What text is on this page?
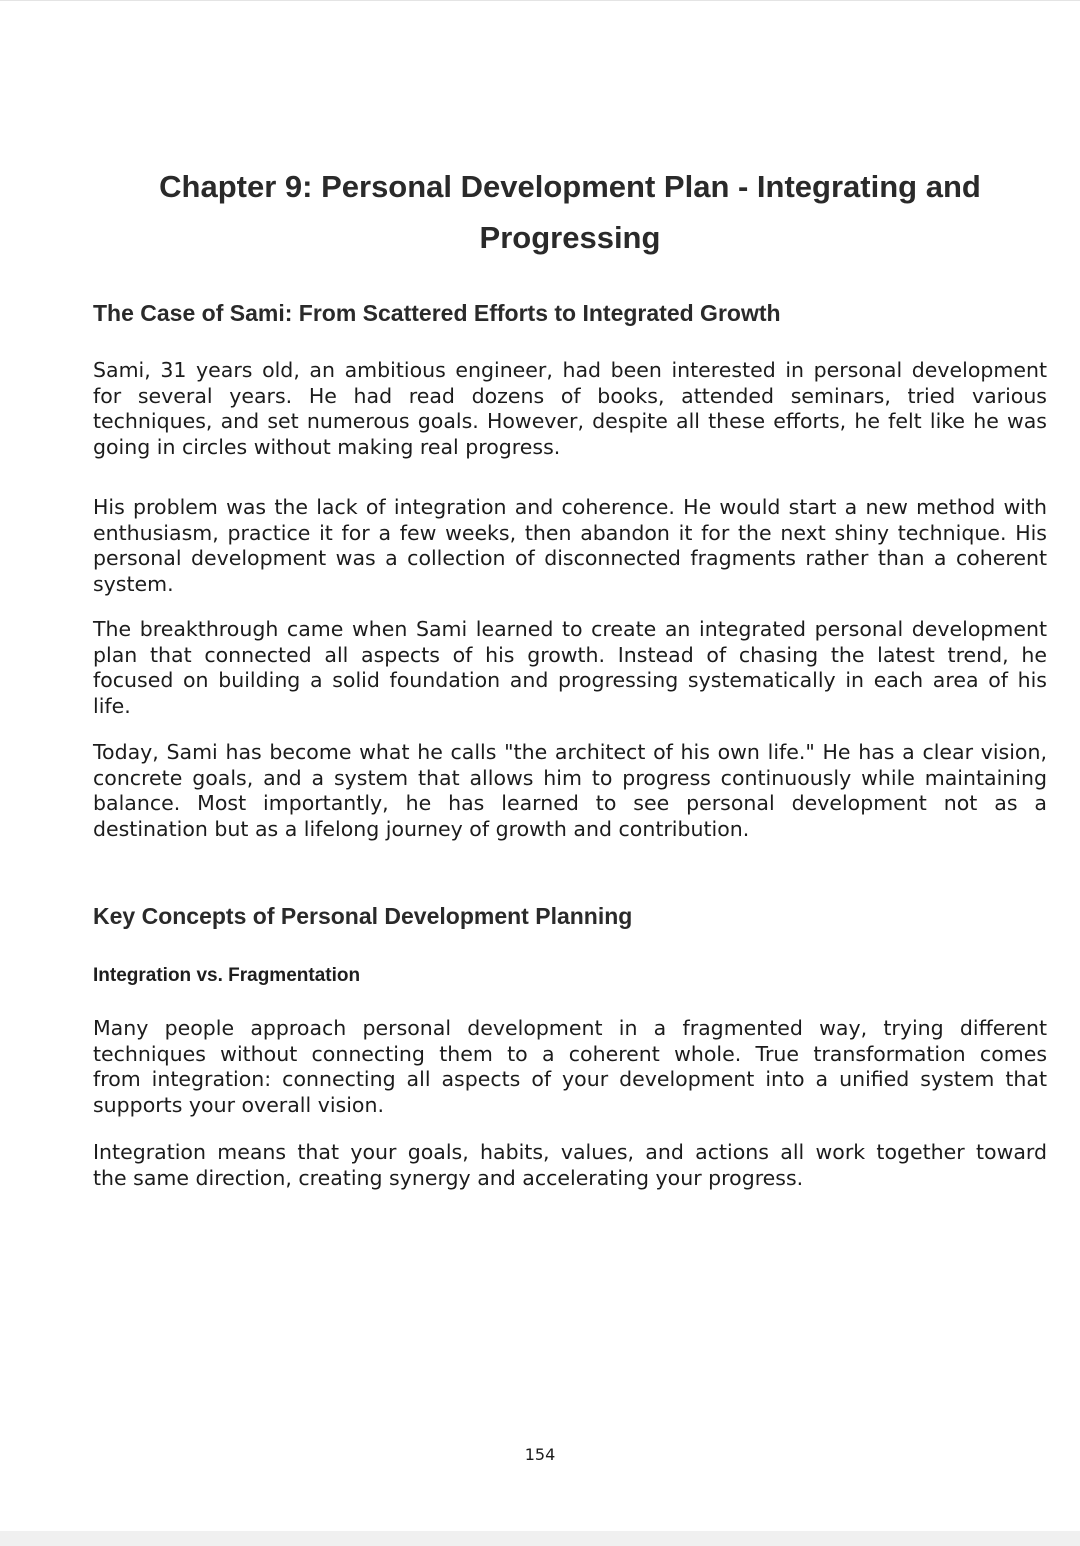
Chapter 9: Personal Development Plan - Integrating and
Progressing
The Case of Sami: From Scattered Efforts to Integrated Growth

Sami, 31 years old, an ambitious engineer, had been interested in personal development
for several years. He had read dozens of books, attended seminars, tried various
techniques, and set numerous goals. However, despite all these efforts, he felt like he was
going in circles without making real progress.

His problem was the lack of integration and coherence. He would start a new method with
enthusiasm, practice it for a few weeks, then abandon it for the next shiny technique. His
personal development was a collection of disconnected fragments rather than a coherent
system.

The breakthrough came when Sami learned to create an integrated personal development
plan that connected all aspects of his growth. Instead of chasing the latest trend, he
focused on building a solid foundation and progressing systematically in each area of his
life.

Today, Sami has become what he calls "the architect of his own life." He has a clear vision,
concrete goals, and a system that allows him to progress continuously while maintaining
balance. Most importantly, he has learned to see personal development not as a
destination but as a lifelong journey of growth and contribution.

Key Concepts of Personal Development Planning
Integration vs. Fragmentation

Many people approach personal development in a fragmented way, trying different
techniques without connecting them to a coherent whole. True transformation comes
from integration: connecting all aspects of your development into a unified system that
supports your overall vision.

Integration means that your goals, habits, values, and actions all work together toward
the same direction, creating synergy and accelerating your progress.

154
